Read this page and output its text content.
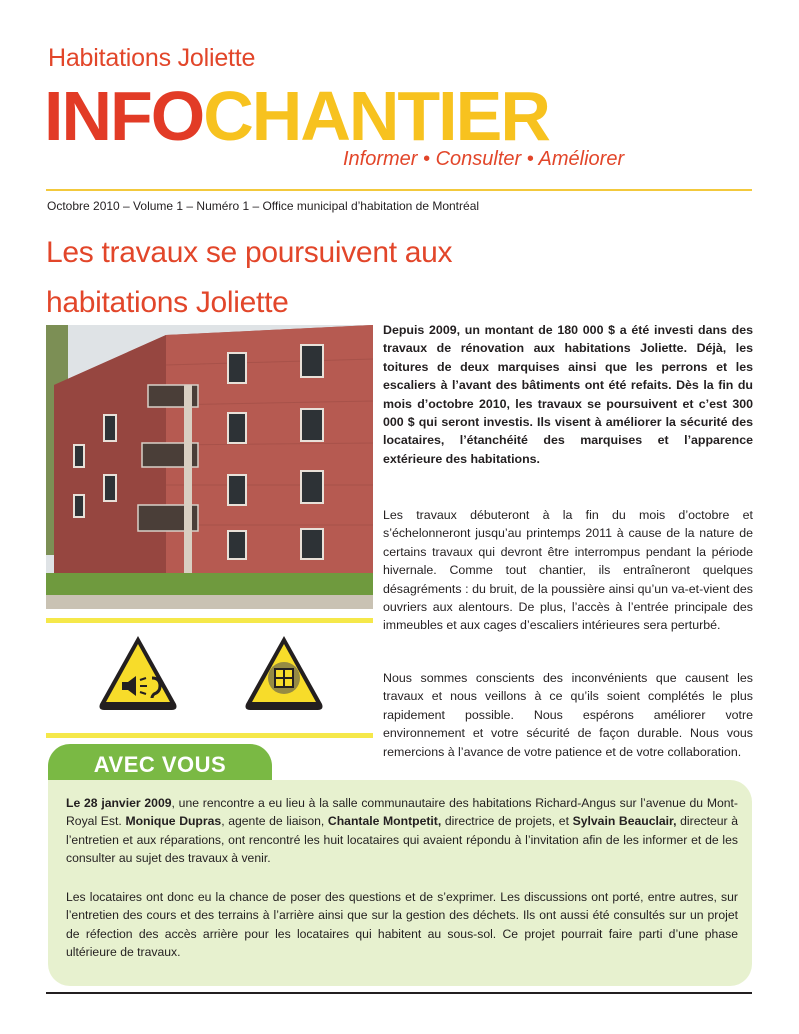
Habitations Joliette
INFOCHANTIER
Informer • Consulter • Améliorer
Octobre 2010 – Volume 1 – Numéro 1 – Office municipal d’habitation de Montréal
Les travaux se poursuivent aux
habitations Joliette
Depuis 2009, un montant de 180 000 $ a été investi dans des travaux de rénovation aux habitations Joliette. Déjà, les toitures de deux marquises ainsi que les perrons et les escaliers à l’avant des bâtiments ont été refaits. Dès la fin du mois d’octobre 2010, les travaux se poursuivent et c’est 300 000 $ qui seront investis. Ils visent à améliorer la sécurité des locataires, l’étanchéité des marquises et l’apparence extérieure des habitations.
Les travaux débuteront à la fin du mois d’octobre et s’échelonneront jusqu’au printemps 2011 à cause de la nature de certains travaux qui devront être interrompus pendant la période hivernale. Comme tout chantier, ils entraîneront quelques désagréments : du bruit, de la poussière ainsi qu’un va-et-vient des ouvriers aux alentours. De plus, l’accès à l’entrée principale des immeubles et aux cages d’escaliers intérieures sera perturbé.
Nous sommes conscients des inconvénients que causent les travaux et nous veillons à ce qu’ils soient complétés le plus rapidement possible. Nous espérons améliorer votre environnement et votre sécurité de façon durable. Nous vous remercions à l’avance de votre patience et de votre collaboration.
AVEC VOUS

Le 28 janvier 2009, une rencontre a eu lieu à la salle communautaire des habitations Richard-Angus sur l’avenue du Mont-Royal Est. Monique Dupras, agente de liaison, Chantale Montpetit, directrice de projets, et Sylvain Beauclair, directeur à l’entretien et aux réparations, ont rencontré les huit locataires qui avaient répondu à l’invitation afin de les informer et de les consulter au sujet des travaux à venir.

Les locataires ont donc eu la chance de poser des questions et de s’exprimer. Les discussions ont porté, entre autres, sur l’entretien des cours et des terrains à l’arrière ainsi que sur la gestion des déchets. Ils ont aussi été consultés sur un projet de réfection des accès arrière pour les locataires qui habitent au sous-sol. Ce projet pourrait faire parti d’une phase ultérieure de travaux.
